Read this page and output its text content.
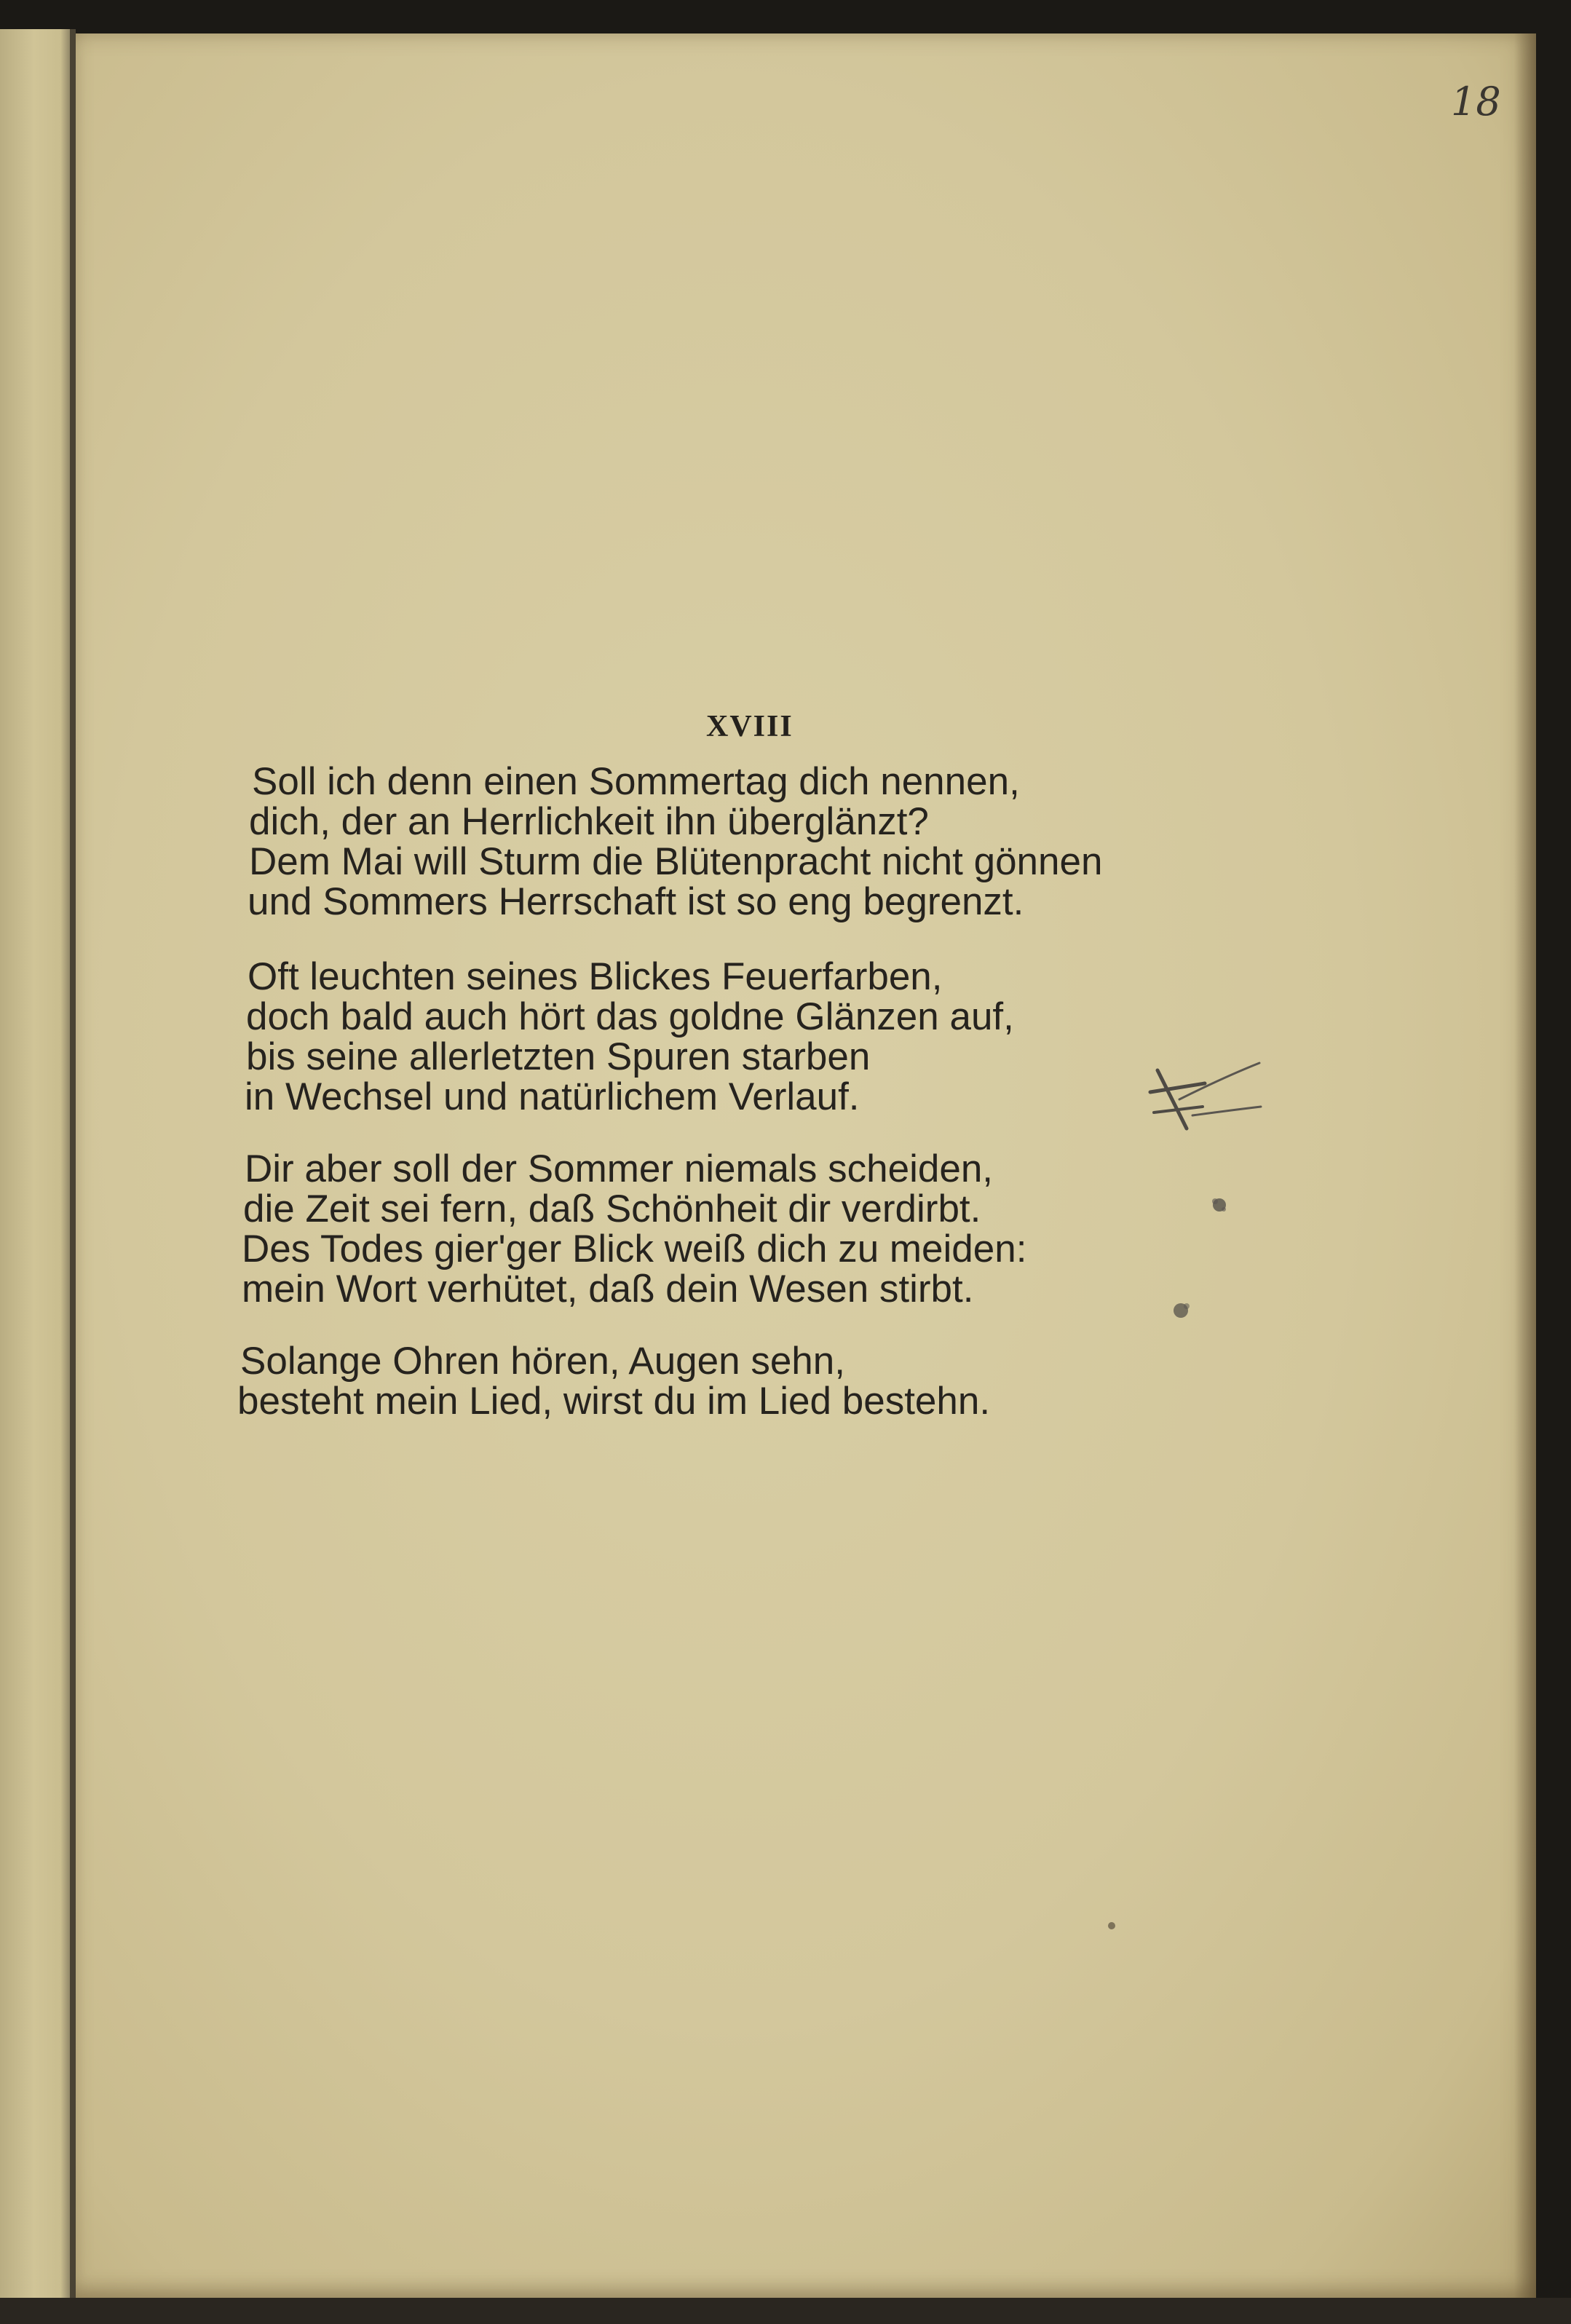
18

XVIII
Soll ich denn einen Sommertag dich nennen,
dich, der an Herrlichkeit ihn überglänzt?
Dem Mai will Sturm die Blütenpracht nicht gönnen
und Sommers Herrschaft ist so eng begrenzt.
Oft leuchten seines Blickes Feuerfarben,
doch bald auch hört das goldne Glänzen auf,
bis seine allerletzten Spuren starben
in Wechsel und natürlichem Verlauf.
Dir aber soll der Sommer niemals scheiden,
die Zeit sei fern, daß Schönheit dir verdirbt.
Des Todes gier'ger Blick weiß dich zu meiden:
mein Wort verhütet, daß dein Wesen stirbt.
Solange Ohren hören, Augen sehn,
besteht mein Lied, wirst du im Lied bestehn.
